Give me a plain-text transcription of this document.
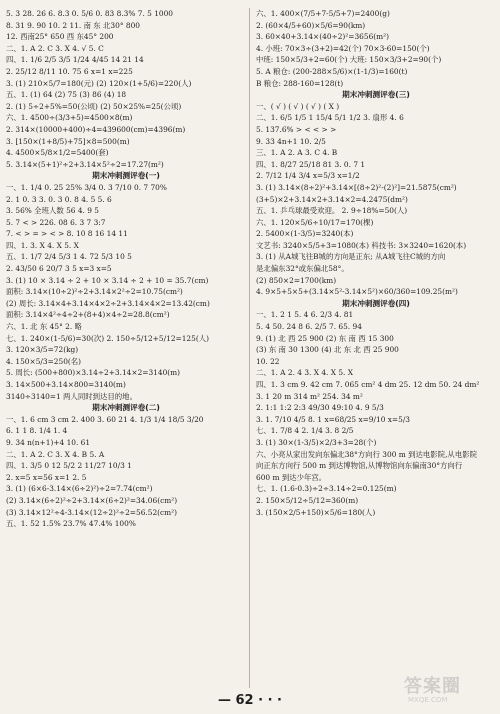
5. 3 28. 26 6. 8.3 0. 5/6 0. 83 8.3% 7. 5 1000
8. 31 9. 90 10. 2 11. 南 东 北30° 800
12. 西南25° 650 西 东45° 200
二、1. A 2. C 3. X 4. √ 5. C
四、1. 1/6 2/5 3/5 1/24 4/45 14 21 14
2. 25/12 8/11 10. 75 6 x=1 x=225
3. (1) 210×5/7=180(元) (2) 120×(1+5/6)=220(人)
五、1. (1) 64 (2) 75 (3) 86 (4) 18
2. (1) 5÷2+5%=50(公顷) (2) 50×25%=25(公顷)
六、1. 4500÷(3/3+5)=4500×8(m)
2. 314×(10000+400)÷4=439600(cm)=4396(m)
3. [150×(1+8/5)+75]×8=500(m)
4. 4500×5/8×1/2=5400(套)
5. 3.14×(5+1)²÷2+3.14×5²÷2=17.27(m²)
期末冲刺测评卷(一)
一、1. 1/4 0. 25 25% 3/4 0. 3 7/10 0. 7 70%
2. 1 0. 3 3. 0. 3 0. 8 4. 5 5. 6
3. 56% 全班人数 56 4. 9 5
5. 7 < > 226. 08 6. 3 7 3:7
7. < > = > < > 8. 10 8 16 14 11
四、1. 3. X 4. X 5. X
五、1. 1/7 2/4 5/3 1 4. 72 5/3 10 5
2. 43/50 6 20/7 3 5 x=3 x=5
3. (1) 10 × 3.14 ÷ 2 + 10 × 3.14 ÷ 2 + 10 = 35.7(cm)
面积: 3.14×(10÷2)²÷2+3.14×2²÷2=10.75(cm²)
(2) 周长: 3.14×4+3.14×4×2÷2+3.14×4×2=13.42(cm)
面积: 3.14×4²÷4÷2+(8+4)×4÷2=28.8(cm²)
六、1. 北 东 45° 2. 略
七、1. 240×(1-5/6)=30(次) 2. 150÷5/12+5/12=125(人)
3. 120×3/5=72(kg)
4. 150×5/3=250(名)
5. 周长: (500+800)×3.14÷2+3.14×2=3140(m)
3. 14×500+3.14×800=3140(m)
3140÷3140=1 两人同时到达目的地。
期末冲刺测评卷(二)
一、1. 6 cm 3 cm 2. 400 3. 60 21 4. 1/3 1/4 18/5 3/20
6. 1 1 8. 1/4 1. 4
9. 34 n(n+1)+4 10. 61
二、1. A 2. C 3. X 4. B 5. A
四、1. 3/5 0 12 5/2 2 11/27 10/3 1
2. x=5 x=56 x=1 2. 5
3. (1) (6×6-3.14×(6÷2)²)÷2=7.74(cm²)
(2) 3.14×(6÷2)²÷2+3.14×(6÷2)²=34.06(cm²)
(3) 3.14×12²÷4-3.14×(12÷2)²÷2=56.52(cm²)
五、1. 52 1.5% 23.7% 47.4% 100%
六、1. 400×(7/5+7-5/5+7)=2400(g)
2. (60×4/5+60)×5/6=90(km)
3. 60×40+3.14×(40÷2)²=3656(m²)
4. 小班: 70×3÷(3+2)=42(个) 70×3-60=150(个)
中班: 150×5/3+2=60(个) 大班: 150×3/3+2=90(个)
5. A 粮仓: (200-288×5/6)×(1-1/3)=160(t)
B 粮仓: 288-160=128(t)
期末冲刺测评卷(三)
一、( √ ) ( √ ) ( √ ) ( X )
二、1. 6/5 1/5 1 15/4 5/1 1/2 3. 扇形 4. 6
5. 137.6% > < < > >
9. 33 4n+1 10. 2/5
三、1. A 2. A 3. C 4. B
四、1. 8/27 25/18 81 3. 0. 7 1
2. 7/12 1/4 3/4 x=5/3 x=1/2
3. (1) 3.14×(8÷2)²+3.14×[(8÷2)²-(2)²]=21.5875(cm²)
(3+5)×2+3.14×2+3.14×2=4.2475(dm²)
五、1. 乒乓球最受欢迎。 2. 9÷18%=50(人)
六、1. 120×5/6÷10/17=170(棵)
2. 5400×(1-3/5)=3240(本)
文艺书: 3240×5/5+3=1080(本) 科技书: 3×3240=1620(本)
3. (1) 从A城飞往B城的方向是正东; 从A城飞往C城的方向
是北偏东32°或东偏北58°。
(2) 850×2=1700(km)
4. 9×5+5×5+(3.14×5²-3.14×5²)×60/360=109.25(m²)
期末冲刺测评卷(四)
一、1. 2 1 5. 4 6. 2/3 4. 81
5. 4 50. 24 8 6. 2/5 7. 65. 94
9. (1) 北 西 25 900 (2) 东 南 西 15 300
(3) 东 南 30 1300 (4) 北 东 北 西 25 900
10. 22
二、1. A 2. 4 3. X 4. X 5. X
四、1. 3 cm 9. 42 cm 7. 065 cm² 4 dm 25. 12 dm 50. 24 dm²
3. 1 20 m 314 m² 254. 34 m²
2. 1:1 1:2 2:3 49/30 49:10 4. 9 5/3
3. 1. 7/10 4/5 8. 1 x=68/25 x=9/10 x=5/3
七、1. 7/8 4 2. 1/4 3. 8 2/5
3. (1) 30×(1-3/5)×2/3+3=28(个)
六、小亮从家出发向东偏北38°方向行 300 m 到达电影院,从电影院
向正东方向行 500 m 到达博物馆,从博物馆向东偏南30°方向行
600 m 到达少年宫。
七、1. (1.6-0.3)÷2÷3.14÷2=0.125(m)
2. 150×5/12÷5/12=360(m)
3. (150×2/5+150)×5/6=180(人)
— 62 · · ·
答案圈
MXQE.COM
